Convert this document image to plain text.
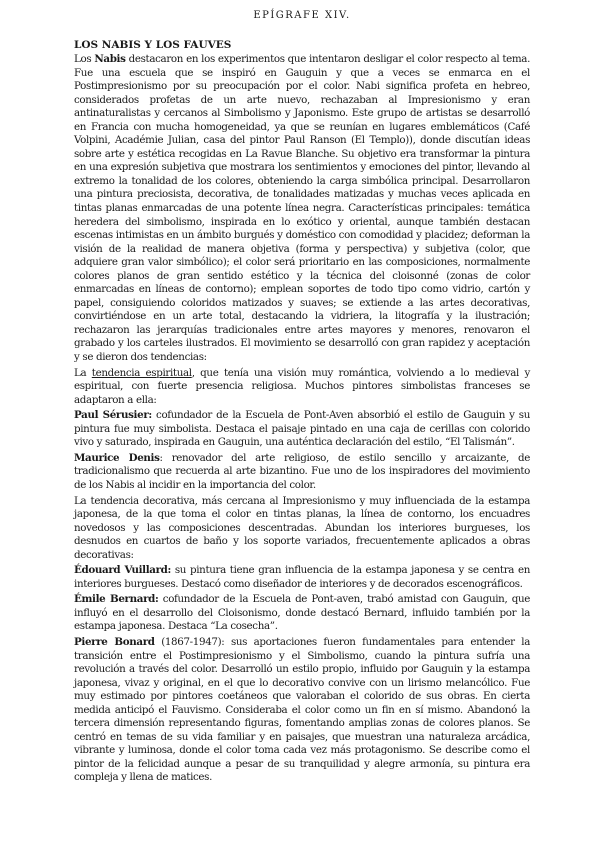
EPÍGRAFE XIV.
LOS NABIS Y LOS FAUVES

Los Nabis destacaron en los experimentos que intentaron desligar el color respecto al tema. Fue una escuela que se inspiró en Gauguin y que a veces se enmarca en el Postimpresionismo por su preocupación por el color. Nabi significa profeta en hebreo, considerados profetas de un arte nuevo, rechazaban al Impresionismo y eran antinaturalistas y cercanos al Simbolismo y Japonismo. Este grupo de artistas se desarrolló en Francia con mucha homogeneidad, ya que se reunían en lugares emblemáticos (Café Volpini, Académie Julian, casa del pintor Paul Ranson (El Templo)), donde discutían ideas sobre arte y estética recogidas en La Ravue Blanche. Su objetivo era transformar la pintura en una expresión subjetiva que mostrara los sentimientos y emociones del pintor, llevando al extremo la tonalidad de los colores, obteniendo la carga simbólica principal. Desarrollaron una pintura preciosista, decorativa, de tonalidades matizadas y muchas veces aplicada en tintas planas enmarcadas de una potente línea negra. Características principales: temática heredera del simbolismo, inspirada en lo exótico y oriental, aunque también destacan escenas intimistas en un ámbito burgués y doméstico con comodidad y placidez; deforman la visión de la realidad de manera objetiva (forma y perspectiva) y subjetiva (color, que adquiere gran valor simbólico); el color será prioritario en las composiciones, normalmente colores planos de gran sentido estético y la técnica del cloisonné (zonas de color enmarcadas en líneas de contorno); emplean soportes de todo tipo como vidrio, cartón y papel, consiguiendo coloridos matizados y suaves; se extiende a las artes decorativas, convirtiéndose en un arte total, destacando la vidriera, la litografía y la ilustración; rechazaron las jerarquías tradicionales entre artes mayores y menores, renovaron el grabado y los carteles ilustrados. El movimiento se desarrolló con gran rapidez y aceptación y se dieron dos tendencias:

La tendencia espiritual, que tenía una visión muy romántica, volviendo a lo medieval y espiritual, con fuerte presencia religiosa. Muchos pintores simbolistas franceses se adaptaron a ella:

Paul Sérusier: cofundador de la Escuela de Pont-Aven absorbió el estilo de Gauguin y su pintura fue muy simbolista. Destaca el paisaje pintado en una caja de cerillas con colorido vivo y saturado, inspirada en Gauguin, una auténtica declaración del estilo, “El Talismán”.

Maurice Denis: renovador del arte religioso, de estilo sencillo y arcaizante, de tradicionalismo que recuerda al arte bizantino. Fue uno de los inspiradores del movimiento de los Nabis al incidir en la importancia del color.

La tendencia decorativa, más cercana al Impresionismo y muy influenciada de la estampa japonesa, de la que toma el color en tintas planas, la línea de contorno, los encuadres novedosos y las composiciones descentradas. Abundan los interiores burgueses, los desnudos en cuartos de baño y los soporte variados, frecuentemente aplicados a obras decorativas:

Édouard Vuillard: su pintura tiene gran influencia de la estampa japonesa y se centra en interiores burgueses. Destacó como diseñador de interiores y de decorados escenográficos.

Émile Bernard: cofundador de la Escuela de Pont-aven, trabó amistad con Gauguin, que influyó en el desarrollo del Cloisonismo, donde destacó Bernard, influido también por la estampa japonesa. Destaca “La cosecha”.

Pierre Bonard (1867-1947): sus aportaciones fueron fundamentales para entender la transición entre el Postimpresionismo y el Simbolismo, cuando la pintura sufría una revolución a través del color. Desarrolló un estilo propio, influido por Gauguin y la estampa japonesa, vivaz y original, en el que lo decorativo convive con un lirismo melancólico. Fue muy estimado por pintores coetáneos que valoraban el colorido de sus obras. En cierta medida anticipó el Fauvismo. Consideraba el color como un fin en sí mismo. Abandonó la tercera dimensión representando figuras, fomentando amplias zonas de colores planos. Se centró en temas de su vida familiar y en paisajes, que muestran una naturaleza arcádica, vibrante y luminosa, donde el color toma cada vez más protagonismo. Se describe como el pintor de la felicidad aunque a pesar de su tranquilidad y alegre armonía, su pintura era compleja y llena de matices.
